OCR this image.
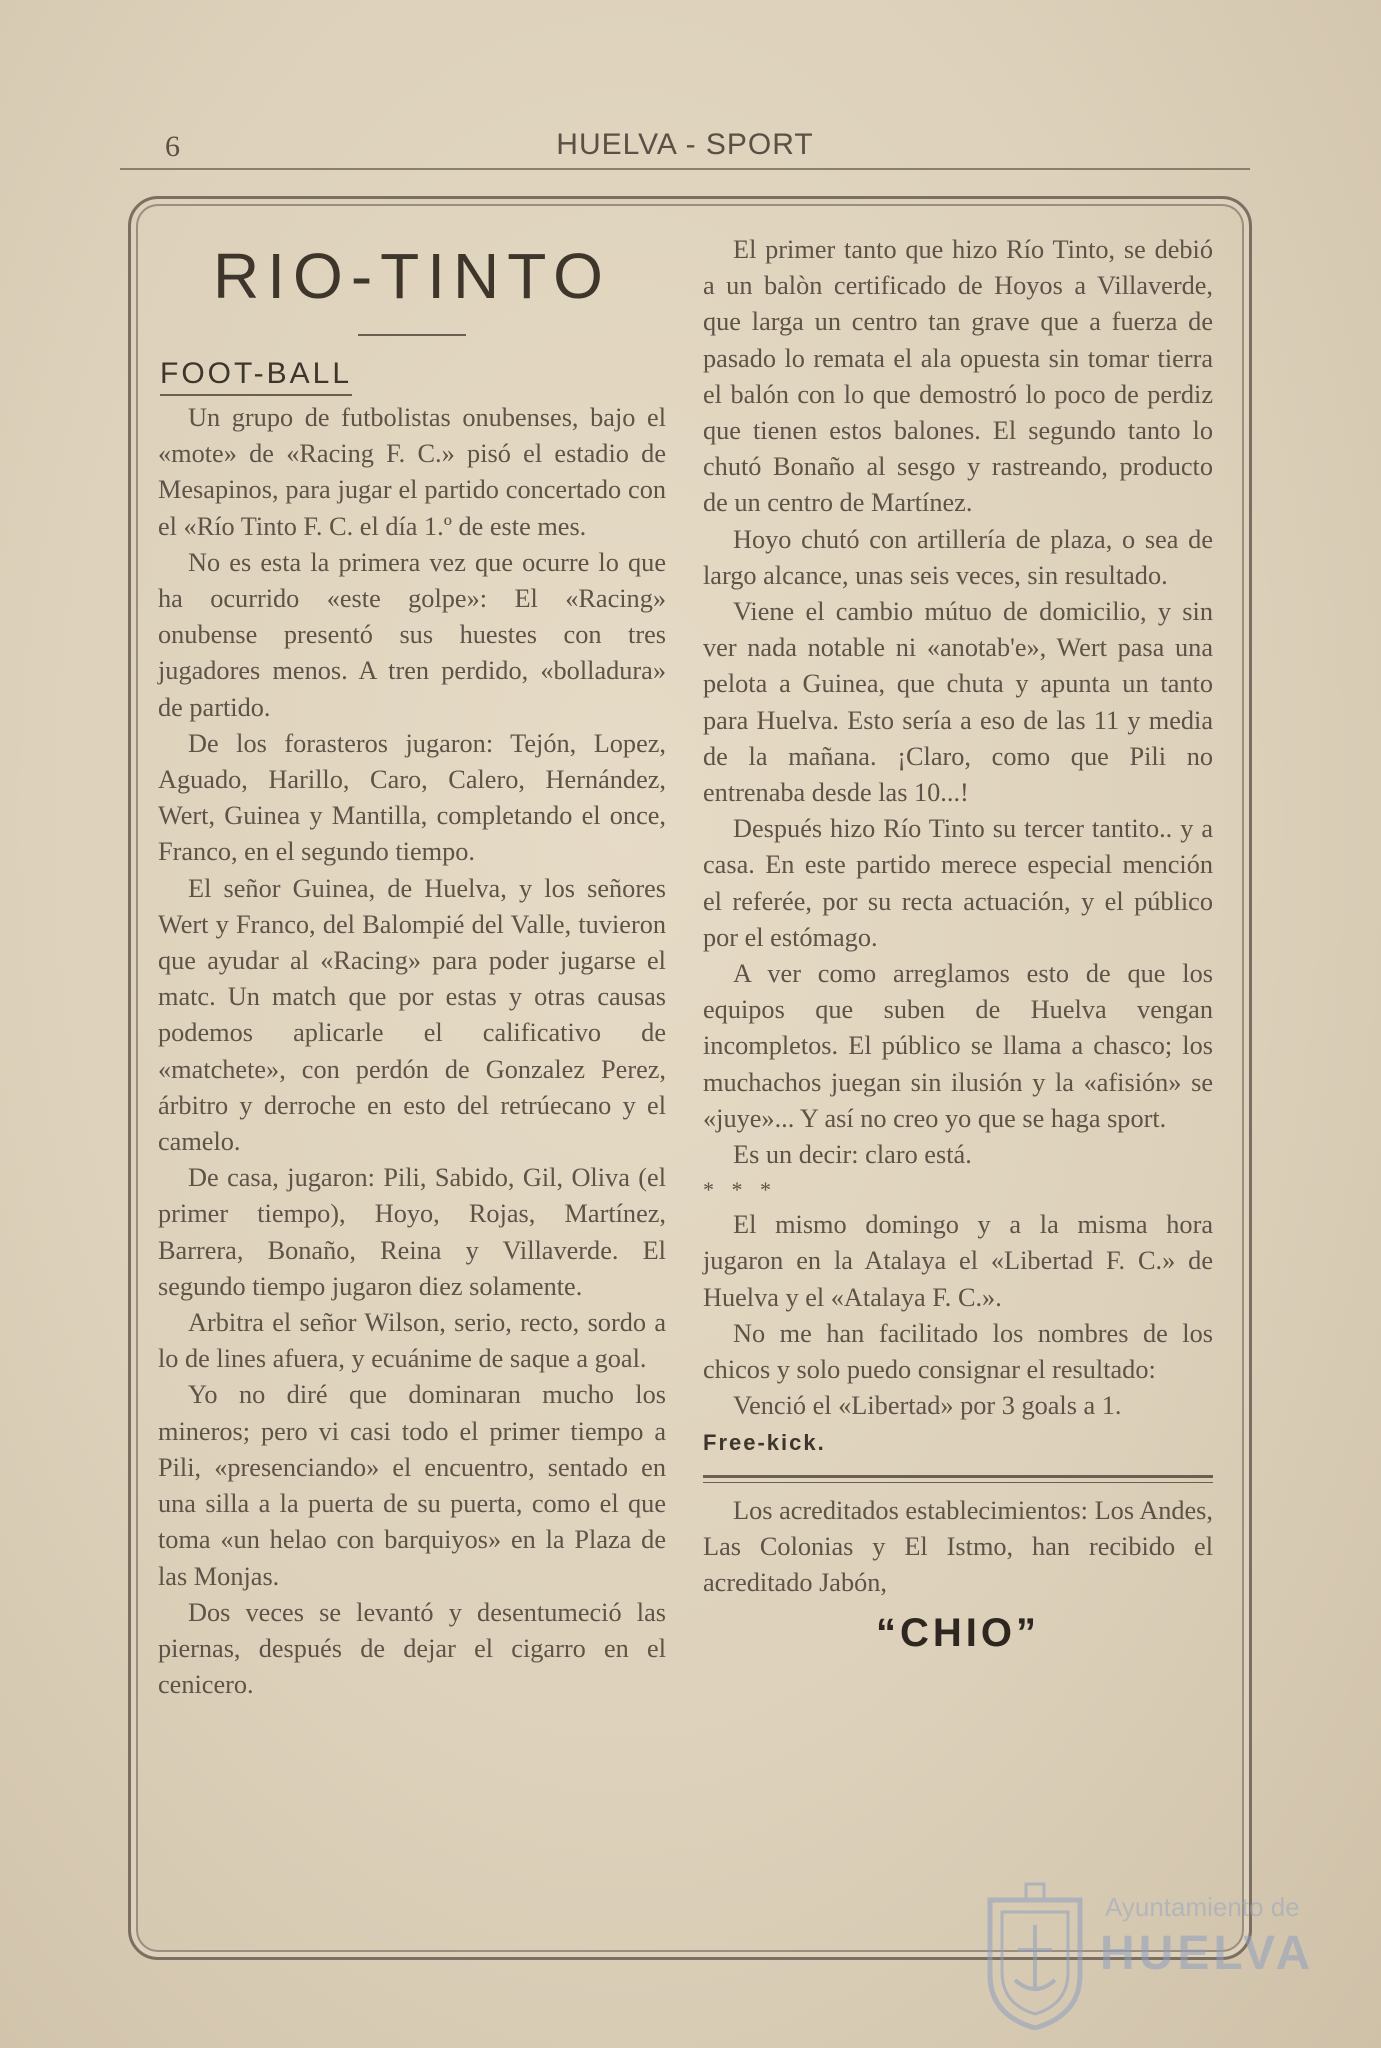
6	HUELVA - SPORT
RIO-TINTO
FOOT-BALL

Un grupo de futbolistas onubenses, bajo el «mote» de «Racing F. C.» pisó el estadio de Mesapinos, para jugar el partido concertado con el «Río Tinto F. C. el día 1.º de este mes.

No es esta la primera vez que ocurre lo que ha ocurrido «este golpe»: El «Racing» onubense presentó sus huestes con tres jugadores menos. A tren perdido, «bolladura» de partido.

De los forasteros jugaron: Tejón, Lopez, Aguado, Harillo, Caro, Calero, Hernández, Wert, Guinea y Mantilla, completando el once, Franco, en el segundo tiempo.

El señor Guinea, de Huelva, y los señores Wert y Franco, del Balompié del Valle, tuvieron que ayudar al «Racing» para poder jugarse el matc. Un match que por estas y otras causas podemos aplicarle el calificativo de «matchete», con perdón de Gonzalez Perez, árbitro y derroche en esto del retrúecano y el camelo.

De casa, jugaron: Pili, Sabido, Gil, Oliva (el primer tiempo), Hoyo, Rojas, Martínez, Barrera, Bonaño, Reina y Villaverde. El segundo tiempo jugaron diez solamente.

Arbitra el señor Wilson, serio, recto, sordo a lo de lines afuera, y ecuánime de saque a goal.

Yo no diré que dominaran mucho los mineros; pero vi casi todo el primer tiempo a Pili, «presenciando» el encuentro, sentado en una silla a la puerta de su puerta, como el que toma «un helao con barquiyos» en la Plaza de las Monjas.

Dos veces se levantó y desentumeció las piernas, después de dejar el cigarro en el cenicero.

El primer tanto que hizo Río Tinto, se debió a un balòn certificado de Hoyos a Villaverde, que larga un centro tan grave que a fuerza de pasado lo remata el ala opuesta sin tomar tierra el balón con lo que demostró lo poco de perdiz que tienen estos balones. El segundo tanto lo chutó Bonaño al sesgo y rastreando, producto de un centro de Martínez.

Hoyo chutó con artillería de plaza, o sea de largo alcance, unas seis veces, sin resultado.

Viene el cambio mútuo de domicilio, y sin ver nada notable ni «anotab'e», Wert pasa una pelota a Guinea, que chuta y apunta un tanto para Huelva. Esto sería a eso de las 11 y media de la mañana. ¡Claro, como que Pili no entrenaba desde las 10...!

Después hizo Río Tinto su tercer tantito.. y a casa. En este partido merece especial mención el referée, por su recta actuación, y el público por el estómago.

A ver como arreglamos esto de que los equipos que suben de Huelva vengan incompletos. El público se llama a chasco; los muchachos juegan sin ilusión y la «afisión» se «juye»... Y así no creo yo que se haga sport.

Es un decir: claro está.

* * *

El mismo domingo y a la misma hora jugaron en la Atalaya el «Libertad F. C.» de Huelva y el «Atalaya F. C.».

No me han facilitado los nombres de los chicos y solo puedo consignar el resultado:

Venció el «Libertad» por 3 goals a 1.

Free-kick.

Los acreditados establecimientos: Los Andes, Las Colonias y El Istmo, han recibido el acreditado Jabón,

“CHIO”
Ayuntamiento de
HUELVA
